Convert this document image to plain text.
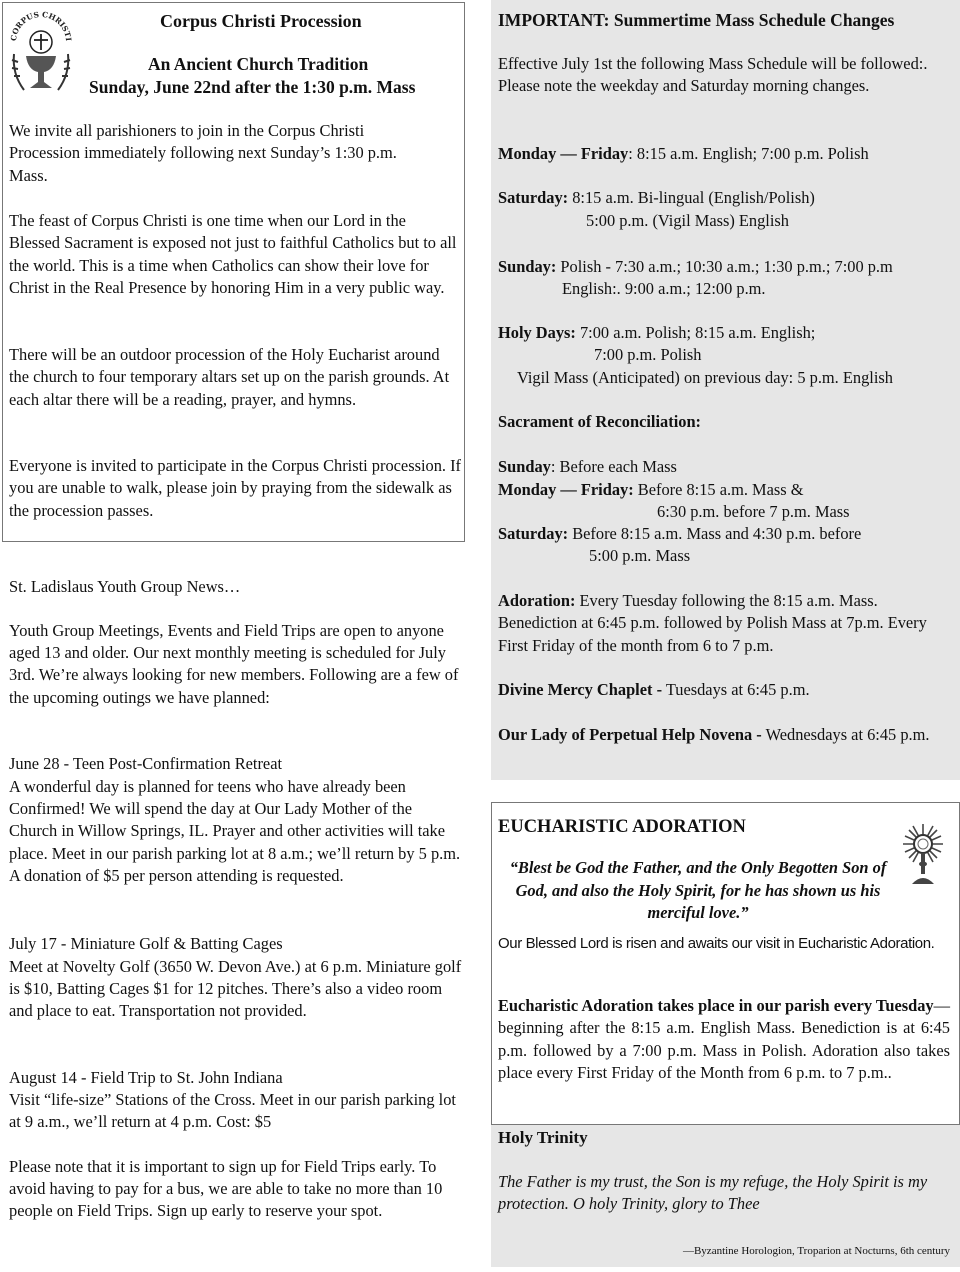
CORPUS CHRISTI
Corpus Christi Procession
An Ancient Church Tradition
Sunday, June 22nd after the 1:30 p.m. Mass

We invite all parishioners to join in the Corpus Christi Procession immediately following next Sunday’s 1:30 p.m. Mass.

The feast of Corpus Christi is one time when our Lord in the Blessed Sacrament is exposed not just to faithful Catholics but to all the world. This is a time when Catholics can show their love for Christ in the Real Presence by honoring Him in a very public way.

There will be an outdoor procession of the Holy Eucharist around the church to four temporary altars set up on the parish grounds. At each altar there will be a reading, prayer, and hymns.

Everyone is invited to participate in the Corpus Christi procession. If you are unable to walk, please join by praying from the sidewalk as the procession passes.

St. Ladislaus Youth Group News…

Youth Group Meetings, Events and Field Trips are open to anyone aged 13 and older. Our next monthly meeting is scheduled for July 3rd. We’re always looking for new members. Following are a few of the upcoming outings we have planned:

June 28 - Teen Post-Confirmation Retreat

A wonderful day is planned for teens who have already been Confirmed! We will spend the day at Our Lady Mother of the Church in Willow Springs, IL. Prayer and other activities will take place. Meet in our parish parking lot at 8 a.m.; we’ll return by 5 p.m. A donation of $5 per person attending is requested.

July 17 - Miniature Golf & Batting Cages

Meet at Novelty Golf (3650 W. Devon Ave.) at 6 p.m. Miniature golf is $10, Batting Cages $1 for 12 pitches. There’s also a video room and place to eat. Transportation not provided.

August 14 - Field Trip to St. John Indiana

Visit “life-size” Stations of the Cross. Meet in our parish parking lot at 9 a.m., we’ll return at 4 p.m. Cost: $5

Please note that it is important to sign up for Field Trips early. To avoid having to pay for a bus, we are able to take no more than 10 people on Field Trips. Sign up early to reserve your spot.

IMPORTANT: Summertime Mass Schedule Changes

Effective July 1st the following Mass Schedule will be followed:. Please note the weekday and Saturday morning changes.

Monday — Friday: 8:15 a.m. English; 7:00 p.m. Polish
Saturday: 8:15 a.m. Bi-lingual (English/Polish)
5:00 p.m. (Vigil Mass) English
Sunday: Polish - 7:30 a.m.; 10:30 a.m.; 1:30 p.m.; 7:00 p.m
English:. 9:00 a.m.; 12:00 p.m.
Holy Days: 7:00 a.m. Polish; 8:15 a.m. English;
7:00 p.m. Polish
Vigil Mass (Anticipated) on previous day: 5 p.m. English
Sacrament of Reconciliation:
Sunday: Before each Mass
Monday — Friday: Before 8:15 a.m. Mass &
6:30 p.m. before 7 p.m. Mass
Saturday: Before 8:15 a.m. Mass and 4:30 p.m. before
5:00 p.m. Mass

Adoration: Every Tuesday following the 8:15 a.m. Mass. Benediction at 6:45 p.m. followed by Polish Mass at 7p.m. Every First Friday of the month from 6 to 7 p.m.

Divine Mercy Chaplet - Tuesdays at 6:45 p.m.

Our Lady of Perpetual Help Novena - Wednesdays at 6:45 p.m.

EUCHARISTIC ADORATION

“Blest be God the Father, and the Only Begotten Son of God, and also the Holy Spirit, for he has shown us his merciful love.”

Our Blessed Lord is risen and awaits our visit in Eucharistic Adoration.

Eucharistic Adoration takes place in our parish every Tuesday—beginning after the 8:15 a.m. English Mass. Benediction is at 6:45 p.m. followed by a 7:00 p.m. Mass in Polish. Adoration also takes place every First Friday of the Month from 6 p.m. to 7 p.m..

Holy Trinity

The Father is my trust, the Son is my refuge, the Holy Spirit is my protection. O holy Trinity, glory to Thee

—Byzantine Horologion, Troparion at Nocturns, 6th century
